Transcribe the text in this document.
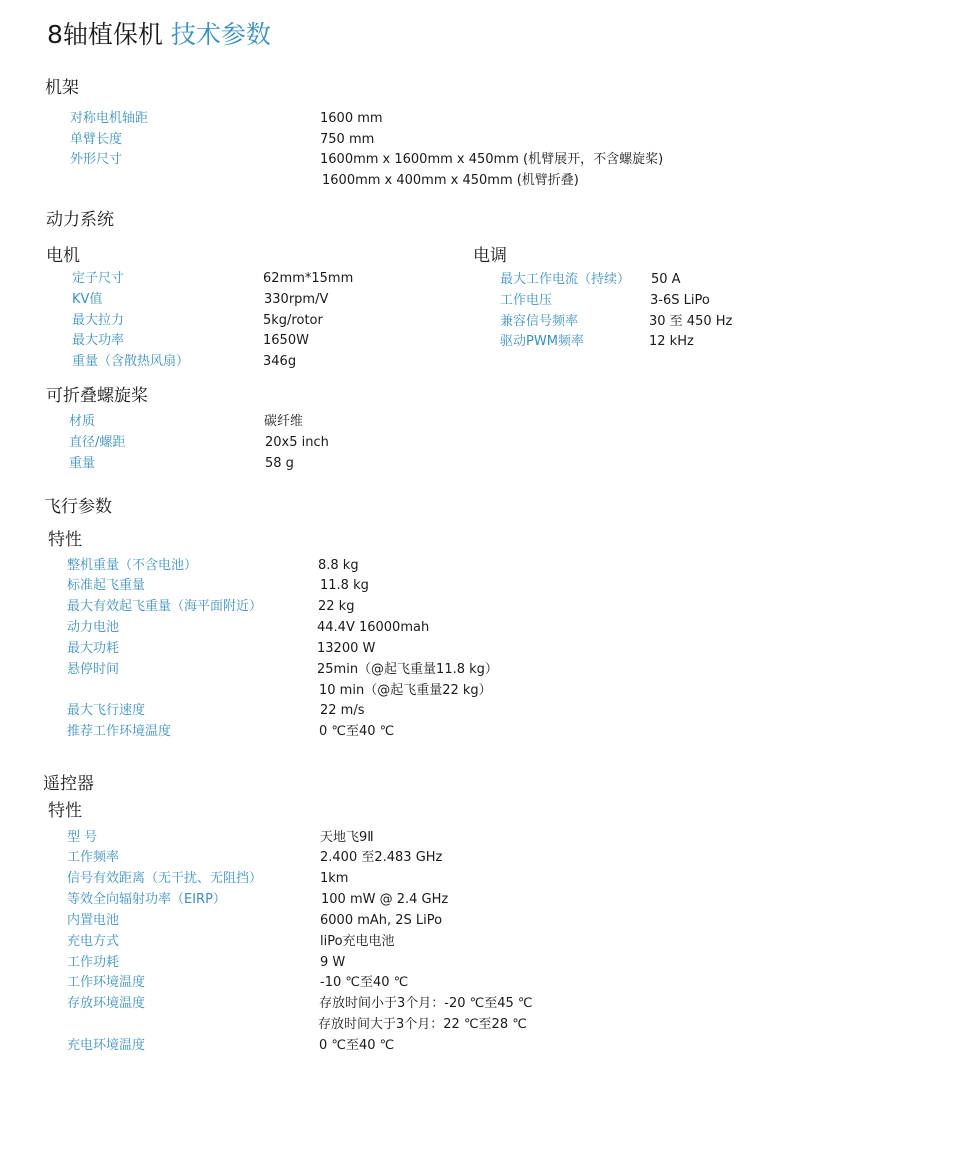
8轴植保机 技术参数
机架
对称电机轴距	1600 mm
单臂长度	750 mm
外形尺寸	1600mm x 1600mm x 450mm (机臂展开，不含螺旋桨)
1600mm x 400mm x 450mm (机臂折叠)
动力系统
电机
定子尺寸	62mm*15mm
KV值	330rpm/V
最大拉力	5kg/rotor
最大功率	1650W
重量（含散热风扇）	346g
电调
最大工作电流（持续） 50 A
工作电压	3-6S LiPo
兼容信号频率	30 至 450 Hz
驱动PWM频率	12 kHz
可折叠螺旋桨
材质	碳纤维
直径/螺距	20x5 inch
重量	58 g
飞行参数
特性
整机重量（不含电池）	8.8 kg
标准起飞重量	11.8 kg
最大有效起飞重量（海平面附近）	22 kg
动力电池	44.4V 16000mah
最大功耗	13200 W
悬停时间	25min（@起飞重量11.8 kg）
10 min（@起飞重量22 kg）
最大飞行速度	22 m/s
推荐工作环境温度	0 ℃至40 ℃
遥控器
特性
型 号	天地飞9Ⅱ
工作频率	2.400 至2.483 GHz
信号有效距离（无干扰、无阻挡）	1km
等效全向辐射功率（EIRP）	100 mW @ 2.4 GHz
内置电池	6000 mAh, 2S LiPo
充电方式	liPo充电电池
工作功耗	9 W
工作环境温度	-10 ℃至40 ℃
存放环境温度	存放时间小于3个月：-20 ℃至45 ℃
存放时间大于3个月：22 ℃至28 ℃
充电环境温度	0 ℃至40 ℃
